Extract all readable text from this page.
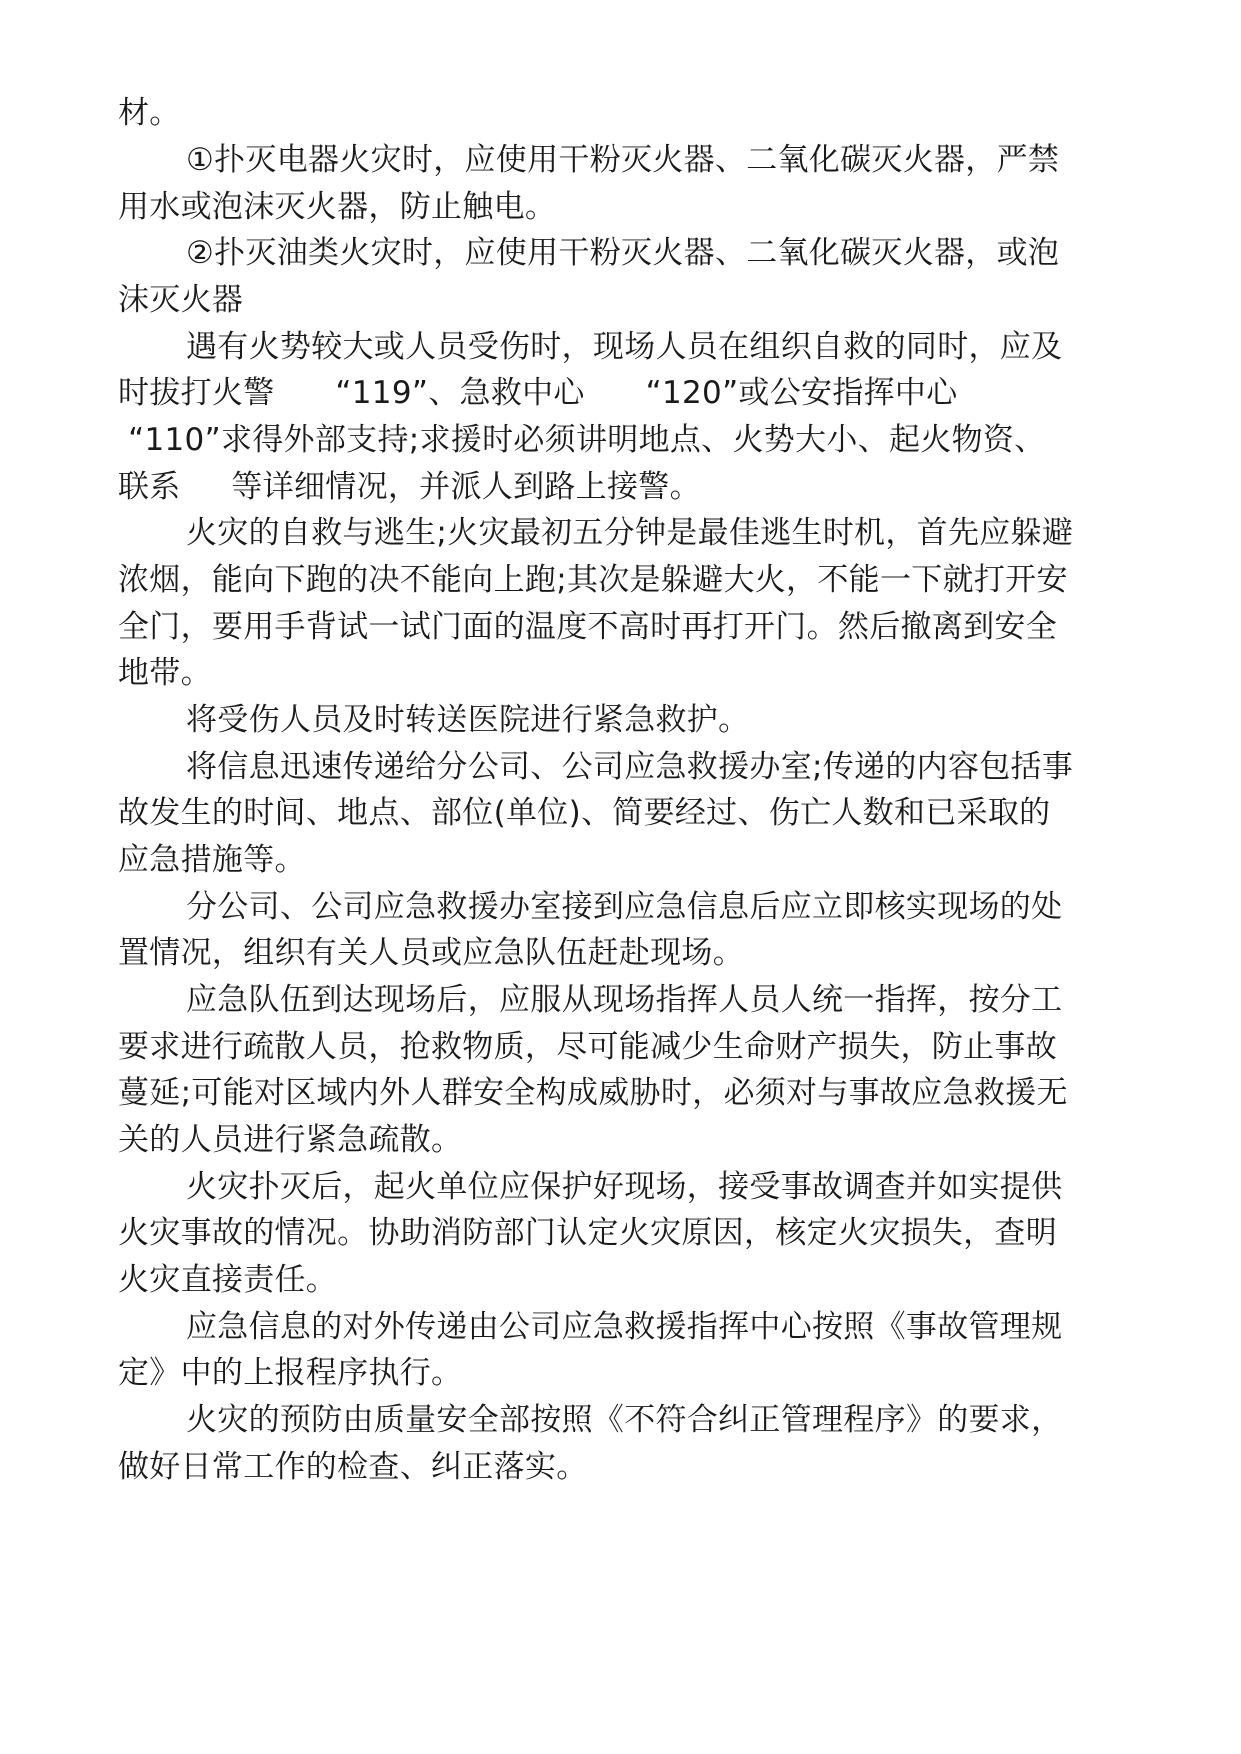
材。

①扑灭电器火灾时，应使用干粉灭火器、二氧化碳灭火器，严禁

用水或泡沫灭火器，防止触电。

②扑灭油类火灾时，应使用干粉灭火器、二氧化碳灭火器，或泡

沫灭火器

遇有火势较大或人员受伤时，现场人员在组织自救的同时，应及

时拔打火警      “119”、急救中心      “120”或公安指挥中心

“110”求得外部支持;求援时必须讲明地点、火势大小、起火物资、

联系     等详细情况，并派人到路上接警。

火灾的自救与逃生;火灾最初五分钟是最佳逃生时机，首先应躲避

浓烟，能向下跑的决不能向上跑;其次是躲避大火，不能一下就打开安

全门，要用手背试一试门面的温度不高时再打开门。然后撤离到安全

地带。

将受伤人员及时转送医院进行紧急救护。

将信息迅速传递给分公司、公司应急救援办室;传递的内容包括事

故发生的时间、地点、部位(单位)、简要经过、伤亡人数和已采取的

应急措施等。

分公司、公司应急救援办室接到应急信息后应立即核实现场的处

置情况，组织有关人员或应急队伍赶赴现场。

应急队伍到达现场后，应服从现场指挥人员人统一指挥，按分工

要求进行疏散人员，抢救物质，尽可能减少生命财产损失，防止事故

蔓延;可能对区域内外人群安全构成威胁时，必须对与事故应急救援无

关的人员进行紧急疏散。

火灾扑灭后，起火单位应保护好现场，接受事故调查并如实提供

火灾事故的情况。协助消防部门认定火灾原因，核定火灾损失，查明

火灾直接责任。

应急信息的对外传递由公司应急救援指挥中心按照《事故管理规

定》中的上报程序执行。

火灾的预防由质量安全部按照《不符合纠正管理程序》的要求，

做好日常工作的检查、纠正落实。
